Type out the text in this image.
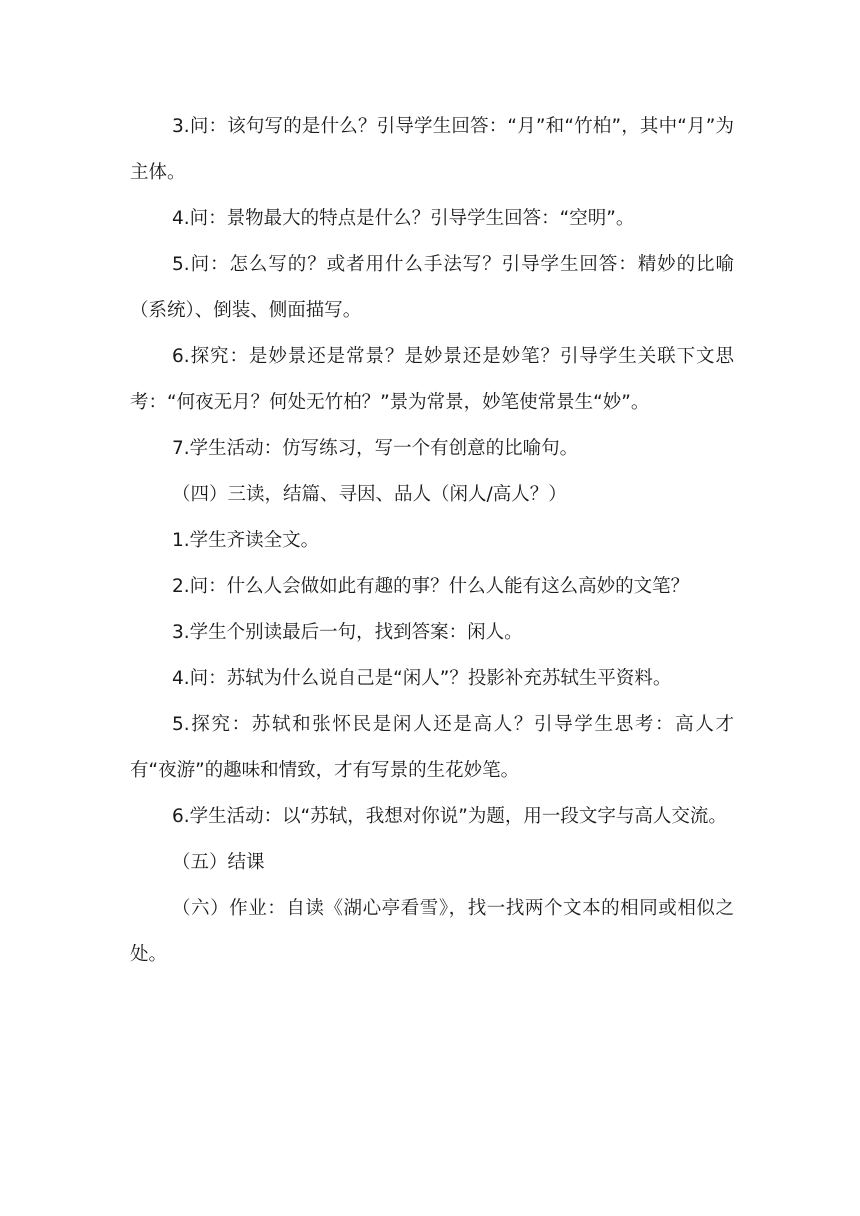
3.问：该句写的是什么？引导学生回答：“月”和“竹柏”，其中“月”为主体。

4.问：景物最大的特点是什么？引导学生回答：“空明”。

5.问：怎么写的？或者用什么手法写？引导学生回答：精妙的比喻（系统）、倒装、侧面描写。

6.探究：是妙景还是常景？是妙景还是妙笔？引导学生关联下文思考：“何夜无月？何处无竹柏？”景为常景，妙笔使常景生“妙”。

7.学生活动：仿写练习，写一个有创意的比喻句。

（四）三读，结篇、寻因、品人（闲人/高人？）

1.学生齐读全文。

2.问：什么人会做如此有趣的事？什么人能有这么高妙的文笔？

3.学生个别读最后一句，找到答案：闲人。

4.问：苏轼为什么说自己是“闲人”？投影补充苏轼生平资料。

5.探究：苏轼和张怀民是闲人还是高人？引导学生思考：高人才有“夜游”的趣味和情致，才有写景的生花妙笔。

6.学生活动：以“苏轼，我想对你说”为题，用一段文字与高人交流。

（五）结课

（六）作业：自读《湖心亭看雪》，找一找两个文本的相同或相似之处。
